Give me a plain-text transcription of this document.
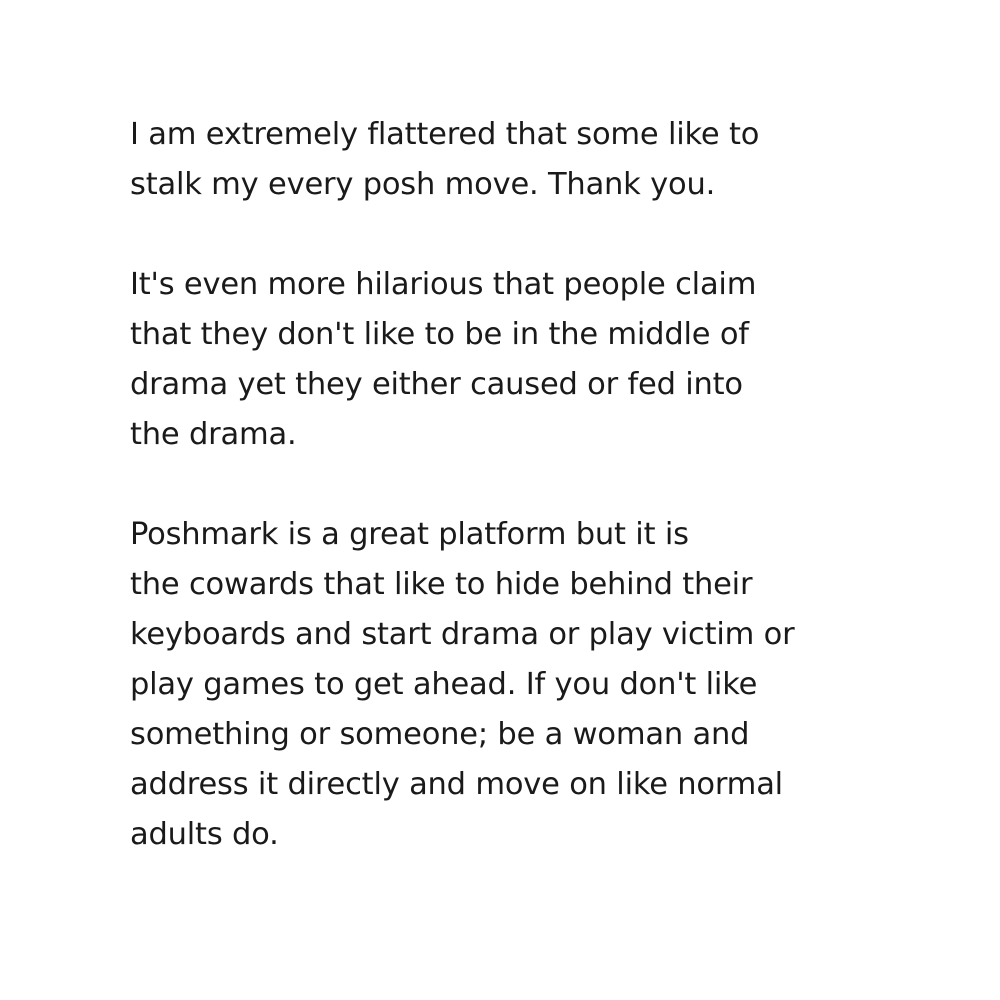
I am extremely flattered that some like to
stalk my every posh move. Thank you.

It's even more hilarious that people claim
that they don't like to be in the middle of
drama yet they either caused or fed into
the drama.

Poshmark is a great platform but it is
the cowards that like to hide behind their
keyboards and start drama or play victim or
play games to get ahead. If you don't like
something or someone; be a woman and
address it directly and move on like normal
adults do.
